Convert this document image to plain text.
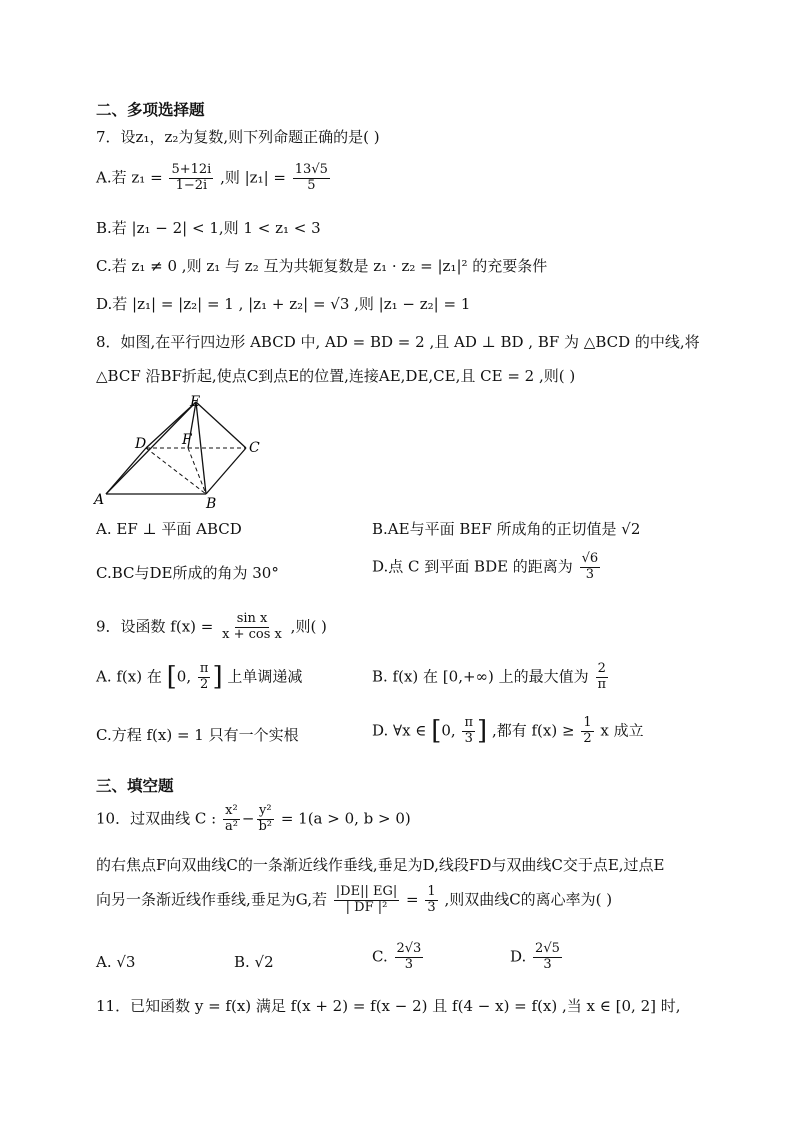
二、多项选择题
7．设z₁，z₂为复数,则下列命题正确的是( )
A.若 $z_1 = \frac{5+12i}{1-2i}$ ,则 $|z_1| = \frac{13√5}{5}$
B.若 |z₁ − 2| < 1,则 1 < z₁ < 3
C.若 z₁ ≠ 0 ,则 z₁ 与 z₂ 互为共轭复数是 z₁ · z₂ = |z₁|² 的充要条件
D.若 |z₁| = |z₂| = 1 , |z₁ + z₂| = √3 ,则 |z₁ − z₂| = 1
8．如图,在平行四边形 ABCD 中, AD = BD = 2 ,且 AD ⊥ BD , BF 为 △BCD 的中线,将
△BCF 沿BF折起,使点C到点E的位置,连接AE,DE,CE,且 CE = 2 ,则( )
E
D	F	C
A	B
A. EF ⊥ 平面 ABCD	B.AE与平面 BEF 所成角的正切值是 √2
C.BC与DE所成的角为 30°	D.点 C 到平面 BDE 的距离为 $\frac{√6}{3}$
9．设函数 $f(x) = \frac{\text{sin x}}{\text{x + cos x}}$ ,则( )
A. f(x) 在 [0, $\frac{\pi}{2}$ ] 上单调递减	B. f(x) 在 [0,+∞) 上的最大值为 $\frac{2}{\pi}$
C.方程 f(x) = 1 只有一个实根	D. ∀x ∈ [0, $\frac{\pi}{3}$ ] ,都有 $f(x) \ge \frac{1}{2}$ x 成立
三、填空题
10．过双曲线 C : $\frac{\text{x²}}{\text{a²}} - \frac{\text{y²}}{\text{b²}} = 1(a > 0$, b > 0)
的右焦点F向双曲线C的一条渐近线作垂线,垂足为D,线段FD与双曲线C交于点E,过点E
向另一条渐近线作垂线,垂足为G,若 $\frac{|DE|| EG|}{\text{| DF |²}} = \frac{1}{3}$ ,则双曲线C的离心率为( )
A. √3	B. √2	C. $\frac{2√3}{3}$	D. $\frac{2√5}{3}$
11．已知函数 y = f(x) 满足 f(x + 2) = f(x − 2) 且 f(4 − x) = f(x) ,当 x ∈ [0, 2] 时,
